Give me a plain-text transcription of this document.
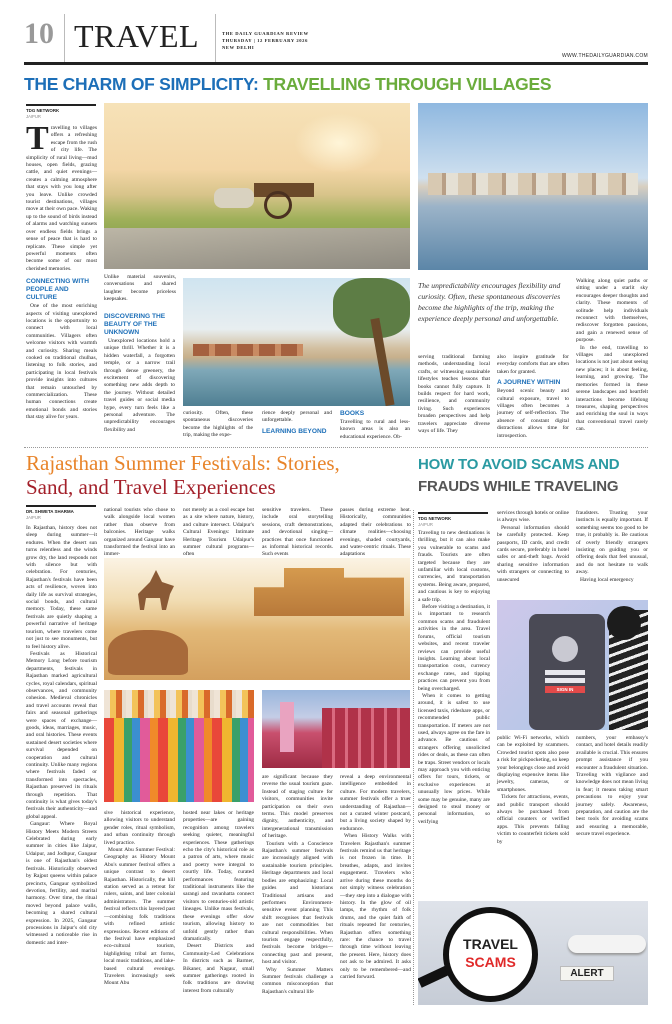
10 TRAVEL	THE DAILY GUARDIAN REVIEW
THURSDAY | 12 FEBRUARY 2026
NEW DELHI
WWW.THEDAILYGUARDIAN.COM
THE CHARM OF SIMPLICITY: TRAVELLING THROUGH VILLAGES
TDG NETWORK
JAIPUR

Travelling to villages offers a refreshing escape from the rush of city life. The simplicity of rural living—mud houses, open fields, grazing cattle, and quiet evenings—creates a calming atmosphere that stays with you long after you leave. Unlike crowded tourist destinations, villages move at their own pace. Waking up to the sound of birds instead of alarms and watching sunsets over endless fields brings a sense of peace that is hard to replicate. These simple yet powerful moments often become some of our most cherished memories.

CONNECTING WITH PEOPLE AND CULTURE

One of the most enriching aspects of visiting unexplored locations is the opportunity to connect with local communities. Villagers often welcome visitors with warmth and curiosity. Sharing meals cooked on traditional chulhas, listening to folk stories, and participating in local festivals provide insights into cultures that remain untouched by commercialization. These human connections create emotional bonds and stories that stay alive for years.

Unlike material souvenirs, conversations and shared laughter become priceless keepsakes.

DISCOVERING THE BEAUTY OF THE UNKNOWN

Unexplored locations hold a unique thrill. Whether it is a hidden waterfall, a forgotten temple, or a narrow trail through dense greenery, the excitement of discovering something new adds depth to the journey. Without detailed travel guides or social media hype, every turn feels like a personal adventure. The unpredictability encourages flexibility and

curiosity. Often, these spontaneous discoveries become the highlights of the trip, making the expe-

rience deeply personal and unforgettable.

LEARNING BEYOND
BOOKS

Travelling to rural and less-known areas is also an educational experience. Ob-

The unpredictability encourages flexibility and curiosity. Often, these spontaneous discoveries become the highlights of the trip, making the experience deeply personal and unforgettable.

serving traditional farming methods, understanding local crafts, or witnessing sustainable lifestyles teaches lessons that books cannot fully capture. It builds respect for hard work, resilience, and community living. Such experiences broaden perspectives and help travelers appreciate diverse ways of life. They

also inspire gratitude for everyday comforts that are often taken for granted.

A JOURNEY WITHIN

Beyond scenic beauty and cultural exposure, travel to villages often becomes a journey of self-reflection. The absence of constant digital distractions allows time for introspection.

Walking along quiet paths or sitting under a starlit sky encourages deeper thoughts and clarity. These moments of solitude help individuals reconnect with themselves, rediscover forgotten passions, and gain a renewed sense of purpose.

In the end, travelling to villages and unexplored locations is not just about seeing new places; it is about feeling, learning, and growing. The memories formed in these serene landscapes and heartfelt interactions become lifelong treasures, shaping perspectives and enriching the soul in ways that conventional travel rarely can.

Rajasthan Summer Festivals: Stories,
Sand, and Travel Experiences
DR. SHWETA SHARMA
JAIPUR

In Rajasthan, history does not sleep during summer—it endures. When the desert sun turns relentless and the winds grow dry, the land responds not with silence but with celebration. For centuries, Rajasthan's festivals have been acts of resilience, woven into daily life as survival strategies, social bonds, and cultural memory. Today, these same festivals are quietly shaping a powerful narrative of heritage tourism, where travelers come not just to see monuments, but to feel history alive.

Festivals as Historical Memory Long before tourism departments, festivals in Rajasthan marked agricultural cycles, royal calendars, spiritual observances, and community cohesion. Medieval chronicles and travel accounts reveal that fairs and seasonal gatherings were spaces of exchange—goods, ideas, marriages, music, and oral histories. These events sustained desert societies where survival depended on cooperation and cultural continuity. Unlike many regions where festivals faded or transformed into spectacles, Rajasthan preserved its rituals through repetition. That continuity is what gives today's festivals their authenticity—and global appeal.

Gangaur: Where Royal History Meets Modern Streets Celebrated during early summer in cities like Jaipur, Udaipur, and Jodhpur, Gangaur is one of Rajasthan's oldest festivals. Historically observed by Rajput queens within palace precincts, Gangaur symbolized devotion, fertility, and marital harmony. Over time, the ritual moved beyond palace walls, becoming a shared cultural expression. In 2025, Gangaur processions in Jaipur's old city witnessed a noticeable rise in domestic and inter-

national tourists who chose to walk alongside local women rather than observe from balconies. Heritage walks organized around Gangaur have transformed the festival into an immer-

not merely as a cool escape but as a site where nature, history, and culture intersect. Udaipur's Cultural Evenings: Intimate Heritage Tourism Udaipur's summer cultural programs—often

sensitive travelers. These include oral storytelling sessions, craft demonstrations, and devotional singing—practices that once functioned as informal historical records. Such events

passes during extreme heat. Historically, communities adapted their celebrations to climate realities—choosing evenings, shaded courtyards, and water-centric rituals. These adaptations

sive historical experience, allowing visitors to understand gender roles, ritual symbolism, and urban continuity through lived practice.

Mount Abu Summer Festival: Geography as History Mount Abu's summer festival offers a unique contrast to desert Rajasthan. Historically, the hill station served as a retreat for rulers, saints, and later colonial administrators. The summer festival reflects this layered past—combining folk traditions with refined artistic expressions. Recent editions of the festival have emphasized eco-cultural tourism, highlighting tribal art forms, local music traditions, and lake-based cultural evenings. Travelers increasingly seek Mount Abu

hosted near lakes or heritage properties—are gaining recognition among travelers seeking quieter, meaningful experiences. These gatherings echo the city's historical role as a patron of arts, where music and poetry were integral to courtly life. Today, curated performances featuring traditional instruments like the sarangi and ravanhatta connect visitors to centuries-old artistic lineages. Unlike mass festivals, these evenings offer slow tourism, allowing history to unfold gently rather than dramatically.

Desert Districts and Community-Led Celebrations In districts such as Barmer, Bikaner, and Nagaur, small summer gatherings rooted in folk traditions are drawing interest from culturally

are significant because they reverse the usual tourism gaze. Instead of staging culture for visitors, communities invite participation on their own terms. This model preserves dignity, authenticity, and intergenerational transmission of heritage.

Tourism with a Conscience Rajasthan's summer festivals are increasingly aligned with sustainable tourism principles. Heritage departments and local bodies are emphasizing: Local guides and historians Traditional artisans and performers Environment-sensitive event planning This shift recognises that festivals are not commodities but cultural responsibilities. When tourists engage respectfully, festivals become bridges—connecting past and present, host and visitor.

Why Summer Matters Summer festivals challenge a common misconception that Rajasthan's cultural life

reveal a deep environmental intelligence embedded in culture. For modern travelers, summer festivals offer a truer understanding of Rajasthan—not a curated winter postcard, but a living society shaped by endurance.

When History Walks with Travelers Rajasthan's summer festivals remind us that heritage is not frozen in time. It breathes, adapts, and invites engagement. Travelers who arrive during these months do not simply witness celebration—they step into a dialogue with history. In the glow of oil lamps, the rhythm of folk drums, and the quiet faith of rituals repeated for centuries, Rajasthan offers something rare: the chance to travel through time without leaving the present. Here, history does not ask to be admired. It asks only to be remembered—and carried forward.

HOW TO AVOID SCAMS AND
FRAUDS WHILE TRAVELING
TDG NETWORK
JAIPUR

Traveling to new destinations is thrilling, but it can also make you vulnerable to scams and frauds. Tourists are often targeted because they are unfamiliar with local customs, currencies, and transportation systems. Being aware, prepared, and cautious is key to enjoying a safe trip.

Before visiting a destination, it is important to research common scams and fraudulent activities in the area. Travel forums, official tourism websites, and recent traveler reviews can provide useful insights. Learning about local transportation costs, currency exchange rates, and tipping practices can prevent you from being overcharged.

When it comes to getting around, it is safest to use licensed taxis, rideshare apps, or recommended public transportation. If meters are not used, always agree on the fare in advance. Be cautious of strangers offering unsolicited rides or deals, as these can often be traps. Street vendors or locals may approach you with enticing offers for tours, tickets, or exclusive experiences at unusually low prices. While some may be genuine, many are designed to steal money or personal information, so verifying

services through hotels or online is always wise.

Personal information should be carefully protected. Keep passports, ID cards, and credit cards secure, preferably in hotel safes or anti-theft bags. Avoid sharing sensitive information with strangers or connecting to unsecured

fraudsters. Trusting your instincts is equally important. If something seems too good to be true, it probably is. Be cautious of overly friendly strangers insisting on guiding you or offering deals that feel unusual, and do not hesitate to walk away.

Having local emergency

SIGN IN

public Wi-Fi networks, which can be exploited by scammers. Crowded tourist spots also pose a risk for pickpocketing, so keep your belongings close and avoid displaying expensive items like jewelry, cameras, or smartphones.

Tickets for attractions, events, and public transport should always be purchased from official counters or verified apps. This prevents falling victim to counterfeit tickets sold by

numbers, your embassy's contact, and hotel details readily available is crucial. This ensures prompt assistance if you encounter a fraudulent situation. Traveling with vigilance and knowledge does not mean living in fear; it means taking smart precautions to enjoy your journey safely. Awareness, preparation, and caution are the best tools for avoiding scams and ensuring a memorable, secure travel experience.

TRAVEL
SCAMS
ALERT
